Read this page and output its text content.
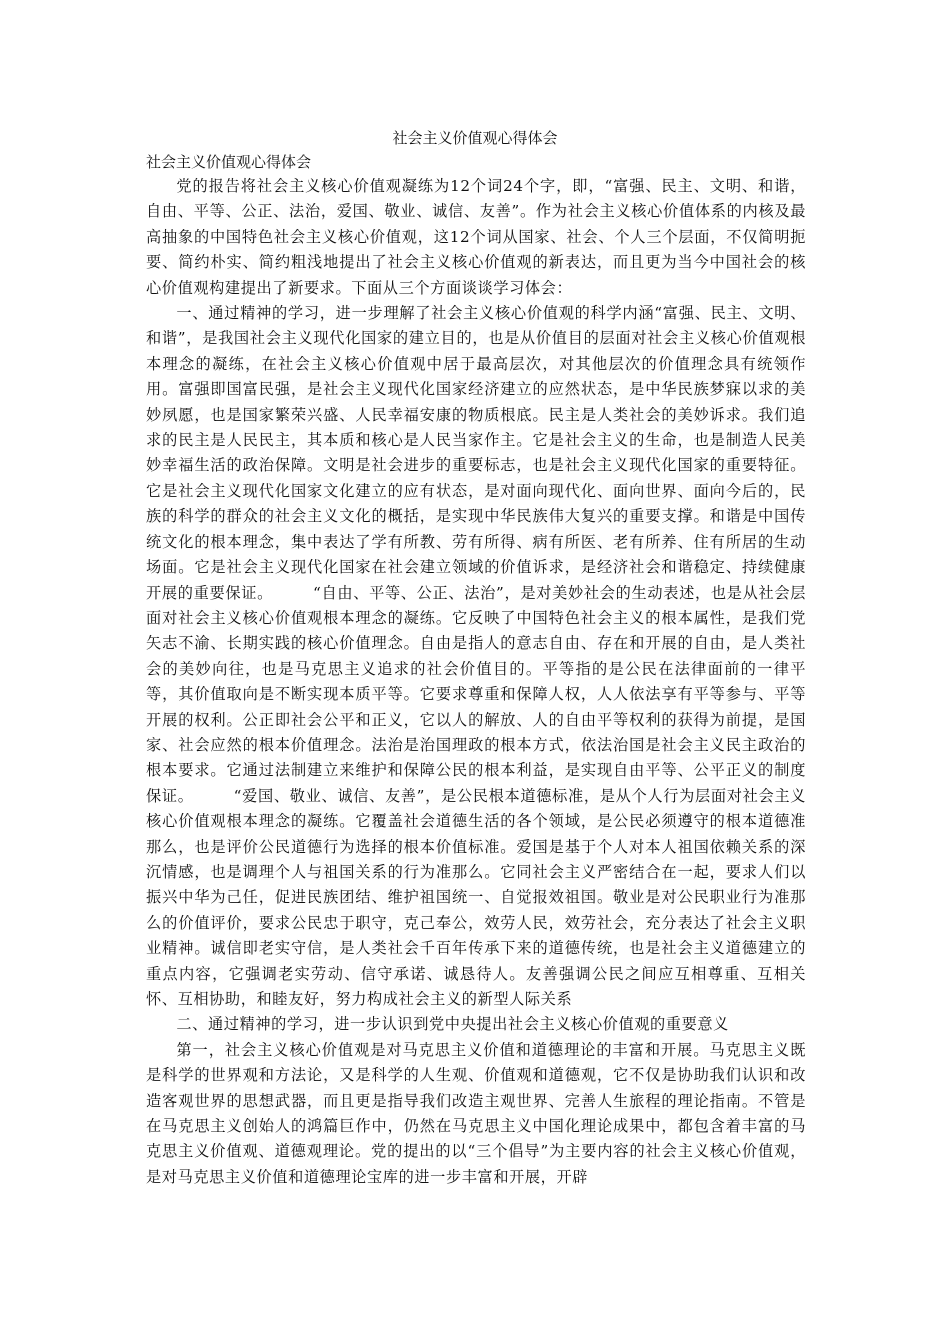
社会主义价值观心得体会
社会主义价值观心得体会

党的报告将社会主义核心价值观凝练为12个词24个字，即，“富强、民主、文明、和谐，自由、平等、公正、法治，爱国、敬业、诚信、友善”。作为社会主义核心价值体系的内核及最高抽象的中国特色社会主义核心价值观，这12个词从国家、社会、个人三个层面，不仅简明扼要、简约朴实、简约粗浅地提出了社会主义核心价值观的新表达，而且更为当今中国社会的核心价值观构建提出了新要求。下面从三个方面谈谈学习体会：

一、通过精神的学习，进一步理解了社会主义核心价值观的科学内涵“富强、民主、文明、和谐”，是我国社会主义现代化国家的建立目的，也是从价值目的层面对社会主义核心价值观根本理念的凝练，在社会主义核心价值观中居于最高层次，对其他层次的价值理念具有统领作用。富强即国富民强，是社会主义现代化国家经济建立的应然状态，是中华民族梦寐以求的美妙夙愿，也是国家繁荣兴盛、人民幸福安康的物质根底。民主是人类社会的美妙诉求。我们追求的民主是人民民主，其本质和核心是人民当家作主。它是社会主义的生命，也是制造人民美妙幸福生活的政治保障。文明是社会进步的重要标志，也是社会主义现代化国家的重要特征。它是社会主义现代化国家文化建立的应有状态，是对面向现代化、面向世界、面向今后的，民族的科学的群众的社会主义文化的概括，是实现中华民族伟大复兴的重要支撑。和谐是中国传统文化的根本理念，集中表达了学有所教、劳有所得、病有所医、老有所养、住有所居的生动场面。它是社会主义现代化国家在社会建立领域的价值诉求，是经济社会和谐稳定、持续健康开展的重要保证。　　　“自由、平等、公正、法治”，是对美妙社会的生动表述，也是从社会层面对社会主义核心价值观根本理念的凝练。它反映了中国特色社会主义的根本属性，是我们党矢志不渝、长期实践的核心价值理念。自由是指人的意志自由、存在和开展的自由，是人类社会的美妙向往，也是马克思主义追求的社会价值目的。平等指的是公民在法律面前的一律平等，其价值取向是不断实现本质平等。它要求尊重和保障人权，人人依法享有平等参与、平等开展的权利。公正即社会公平和正义，它以人的解放、人的自由平等权利的获得为前提，是国家、社会应然的根本价值理念。法治是治国理政的根本方式，依法治国是社会主义民主政治的根本要求。它通过法制建立来维护和保障公民的根本利益，是实现自由平等、公平正义的制度保证。　　　“爱国、敬业、诚信、友善”，是公民根本道德标准，是从个人行为层面对社会主义核心价值观根本理念的凝练。它覆盖社会道德生活的各个领域，是公民必须遵守的根本道德准那么，也是评价公民道德行为选择的根本价值标准。爱国是基于个人对本人祖国依赖关系的深沉情感，也是调理个人与祖国关系的行为准那么。它同社会主义严密结合在一起，要求人们以振兴中华为己任，促进民族团结、维护祖国统一、自觉报效祖国。敬业是对公民职业行为准那么的价值评价，要求公民忠于职守，克己奉公，效劳人民，效劳社会，充分表达了社会主义职业精神。诚信即老实守信，是人类社会千百年传承下来的道德传统，也是社会主义道德建立的重点内容，它强调老实劳动、信守承诺、诚恳待人。友善强调公民之间应互相尊重、互相关怀、互相协助，和睦友好，努力构成社会主义的新型人际关系

二、通过精神的学习，进一步认识到党中央提出社会主义核心价值观的重要意义

第一，社会主义核心价值观是对马克思主义价值和道德理论的丰富和开展。马克思主义既是科学的世界观和方法论，又是科学的人生观、价值观和道德观，它不仅是协助我们认识和改造客观世界的思想武器，而且更是指导我们改造主观世界、完善人生旅程的理论指南。不管是在马克思主义创始人的鸿篇巨作中，仍然在马克思主义中国化理论成果中，都包含着丰富的马克思主义价值观、道德观理论。党的提出的以“三个倡导”为主要内容的社会主义核心价值观，是对马克思主义价值和道德理论宝库的进一步丰富和开展，开辟
